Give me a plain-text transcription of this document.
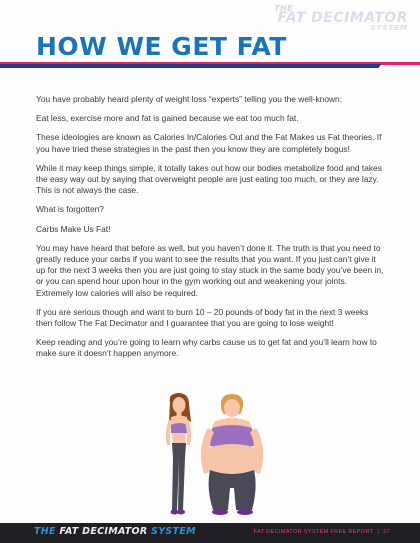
THE
FAT DECIMATOR
SYSTEM
HOW WE GET FAT

You have probably heard plenty of weight loss “experts” telling you the well-known:

Eat less, exercise more and fat is gained because we eat too much fat.

These ideologies are known as Calories In/Calories Out and the Fat Makes us Fat theories. If you have tried these strategies in the past then you know they are completely bogus!

While it may keep things simple, it totally takes out how our bodies metabolize food and takes the easy way out by saying that overweight people are just eating too much, or they are lazy. This is not always the case.

What is forgotten?

Carbs Make Us Fat!

You may have heard that before as well, but you haven’t done it. The truth is that you need to greatly reduce your carbs if you want to see the results that you want. If you just can’t give it up for the next 3 weeks then you are just going to stay stuck in the same body you’ve been in, or you can spend hour upon hour in the gym working out and weakening your joints. Extremely low calories will also be required.

If you are serious though and want to burn 10 – 20 pounds of body fat in the next 3 weeks then follow The Fat Decimator and I guarantee that you are going to lose weight!

Keep reading and you’re going to learn why carbs cause us to get fat and you’ll learn how to make sure it doesn’t happen anymore.

THE FAT DECIMATOR SYSTEM	FAT DECIMATOR SYSTEM FREE REPORT | 27
